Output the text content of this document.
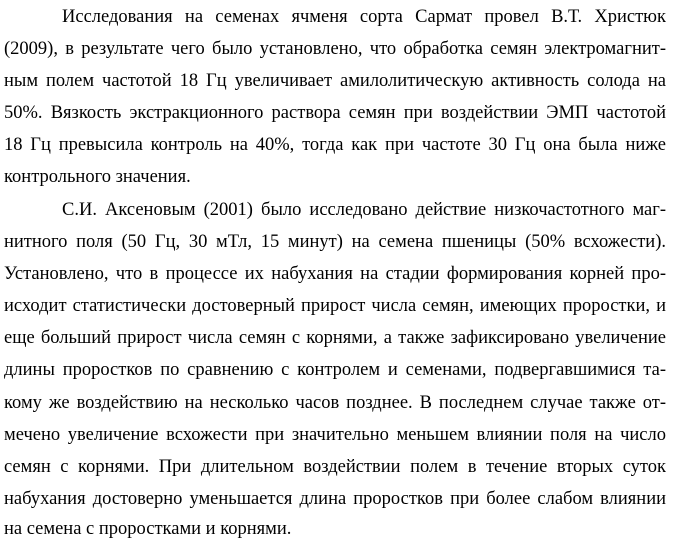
Исследования на семенах ячменя сорта Сармат провел В.Т. Христюк
(2009), в результате чего было установлено, что обработка семян электромагнит-
ным полем частотой 18 Гц увеличивает амилолитическую активность солода на
50%. Вязкость экстракционного раствора семян при воздействии ЭМП частотой
18 Гц превысила контроль на 40%, тогда как при частоте 30 Гц она была ниже
контрольного значения.
С.И. Аксеновым (2001) было исследовано действие низкочастотного маг-
нитного поля (50 Гц, 30 мТл, 15 минут) на семена пшеницы (50% всхожести).
Установлено, что в процессе их набухания на стадии формирования корней про-
исходит статистически достоверный прирост числа семян, имеющих проростки, и
еще больший прирост числа семян с корнями, а также зафиксировано увеличение
длины проростков по сравнению с контролем и семенами, подвергавшимися та-
кому же воздействию на несколько часов позднее. В последнем случае также от-
мечено увеличение всхожести при значительно меньшем влиянии поля на число
семян с корнями. При длительном воздействии полем в течение вторых суток
набухания достоверно уменьшается длина проростков при более слабом влиянии
на семена с проростками и корнями.
